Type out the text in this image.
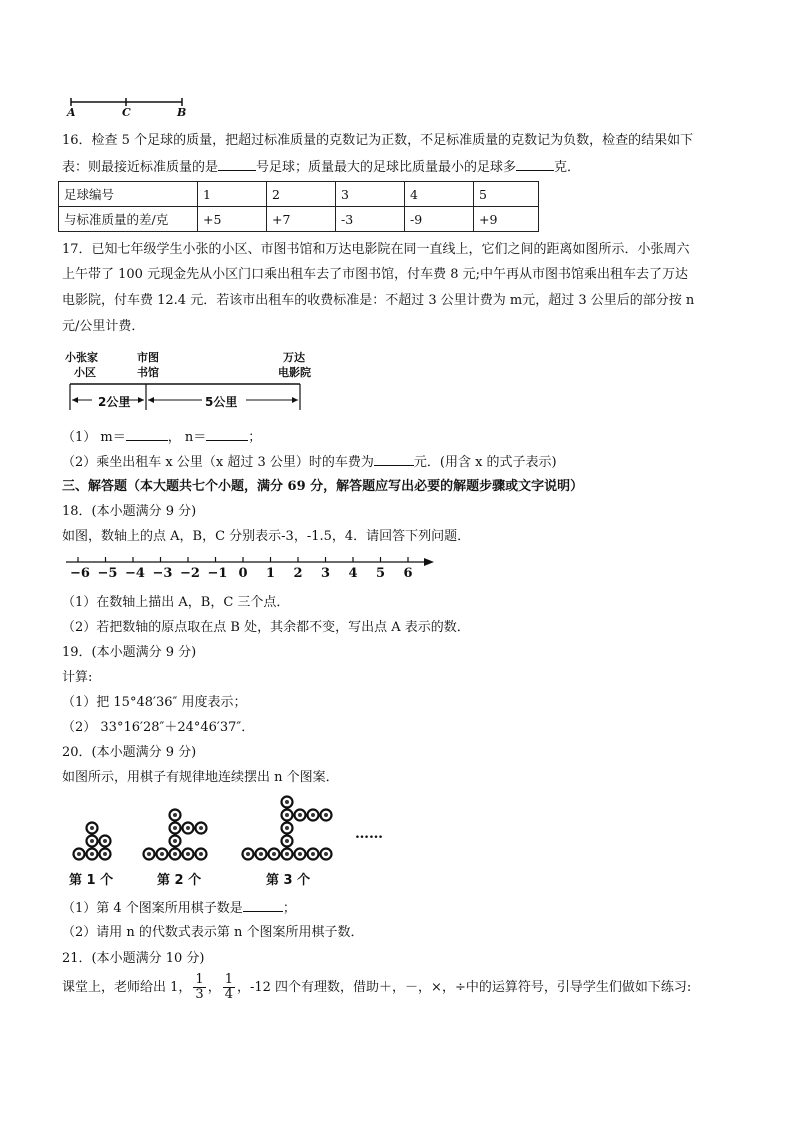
A	C	B
16．检查 5 个足球的质量，把超过标准质量的克数记为正数，不足标准质量的克数记为负数，检查的结果如下
表：则最接近标准质量的是	号足球；质量最大的足球比质量最小的足球多	克．
足球编号	1	2	3	4	5
与标准质量的差/克	+5	+7	-3	-9	+9
17．已知七年级学生小张的小区、市图书馆和万达电影院在同一直线上，它们之间的距离如图所示．小张周六
上午带了 100 元现金先从小区门口乘出租车去了市图书馆，付车费 8 元;中午再从市图书馆乘出租车去了万达
电影院，付车费 12.4 元．若该市出租车的收费标准是：不超过 3 公里计费为 m元，超过 3 公里后的部分按 n
元/公里计费．
小张家
小区
市图
书馆
万达
电影院
2公里	5公里
（1） m＝	， n＝	；
（2）乘坐出租车 x 公里（x 超过 3 公里）时的车费为	元．(用含 x 的式子表示)
三、解答题（本大题共七个小题，满分 69 分，解答题应写出必要的解题步骤或文字说明）
18．(本小题满分 9 分)
如图，数轴上的点 A，B，C 分别表示-3，-1.5，4．请回答下列问题．
−6 −5 −4 −3 −2 −1 0 1 2 3 4 5 6
（1）在数轴上描出 A，B，C 三个点．
（2）若把数轴的原点取在点 B 处，其余都不变，写出点 A 表示的数．
19．(本小题满分 9 分)
计算:
（1）把 15°48′36″ 用度表示；
（2） 33°16′28″＋24°46′37″．
20．(本小题满分 9 分)
如图所示，用棋子有规律地连续摆出 n 个图案．
……
第 1 个	第 2 个	第 3 个
（1）第 4 个图案所用棋子数是	；
（2）请用 n 的代数式表示第 n 个图案所用棋子数．
21．(本小题满分 10 分)
课堂上，老师给出 1， $\frac{1}{3}$ ， $\frac{1}{4}$ ，-12 四个有理数，借助＋，－，×，÷中的运算符号，引导学生们做如下练习:
